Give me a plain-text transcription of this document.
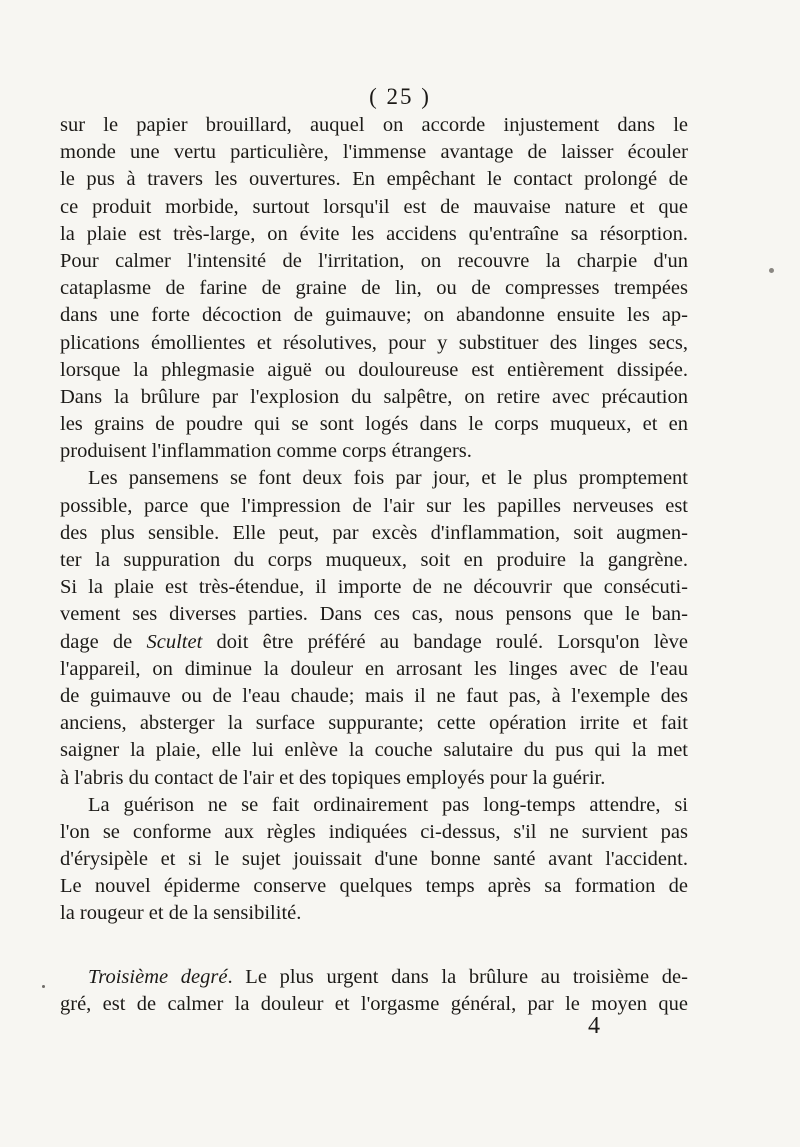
( 25 )
sur le papier brouillard, auquel on accorde injustement dans le
monde une vertu particulière, l'immense avantage de laisser écouler
le pus à travers les ouvertures. En empêchant le contact prolongé de
ce produit morbide, surtout lorsqu'il est de mauvaise nature et que
la plaie est très-large, on évite les accidens qu'entraîne sa résorption.
Pour calmer l'intensité de l'irritation, on recouvre la charpie d'un
cataplasme de farine de graine de lin, ou de compresses trempées
dans une forte décoction de guimauve; on abandonne ensuite les ap-
plications émollientes et résolutives, pour y substituer des linges secs,
lorsque la phlegmasie aiguë ou douloureuse est entièrement dissipée.
Dans la brûlure par l'explosion du salpêtre, on retire avec précaution
les grains de poudre qui se sont logés dans le corps muqueux, et en
produisent l'inflammation comme corps étrangers.
Les pansemens se font deux fois par jour, et le plus promptement
possible, parce que l'impression de l'air sur les papilles nerveuses est
des plus sensible. Elle peut, par excès d'inflammation, soit augmen-
ter la suppuration du corps muqueux, soit en produire la gangrène.
Si la plaie est très-étendue, il importe de ne découvrir que consécuti-
vement ses diverses parties. Dans ces cas, nous pensons que le ban-
dage de Scultet doit être préféré au bandage roulé. Lorsqu'on lève
l'appareil, on diminue la douleur en arrosant les linges avec de l'eau
de guimauve ou de l'eau chaude; mais il ne faut pas, à l'exemple des
anciens, absterger la surface suppurante; cette opération irrite et fait
saigner la plaie, elle lui enlève la couche salutaire du pus qui la met
à l'abris du contact de l'air et des topiques employés pour la guérir.
La guérison ne se fait ordinairement pas long-temps attendre, si
l'on se conforme aux règles indiquées ci-dessus, s'il ne survient pas
d'érysipèle et si le sujet jouissait d'une bonne santé avant l'accident.
Le nouvel épiderme conserve quelques temps après sa formation de
la rougeur et de la sensibilité.
Troisième degré. Le plus urgent dans la brûlure au troisième de-
gré, est de calmer la douleur et l'orgasme général, par le moyen que
4
